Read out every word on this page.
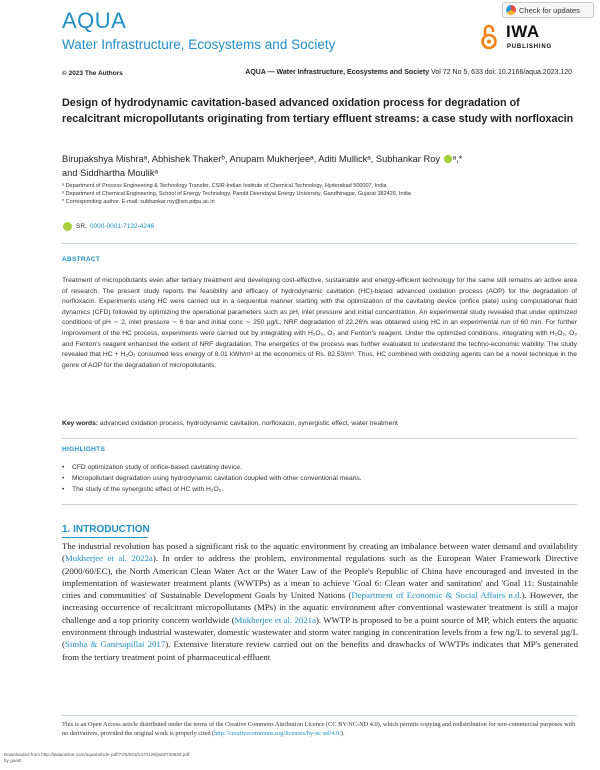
AQUA
Water Infrastructure, Ecosystems and Society
Check for updates
IWA
PUBLISHING
© 2023 The Authors	AQUA — Water Infrastructure, Ecosystems and Society Vol 72 No 5, 633 doi: 10.2166/aqua.2023.120
Design of hydrodynamic cavitation-based advanced oxidation process for degradation of recalcitrant micropollutants originating from tertiary effluent streams: a case study with norfloxacin
Birupakshya Mishraᵃ, Abhishek Thakerᵇ, Anupam Mukherjeeᵃ, Aditi Mullickᵃ, Subhankar Roy ᵃ,*
and Siddhartha Moulikᵃ
ᵃ Department of Process Engineering & Technology Transfer, CSIR-Indian Institute of Chemical Technology, Hyderabad 500007, India
ᵇ Department of Chemical Engineering, School of Energy Technology, Pandit Deendayal Energy University, Gandhinagar, Gujarat 382426, India
* Corresponding author. E-mail: subhankar.roy@sot.pdpu.ac.in
SR, 0000-0001-7132-4246
ABSTRACT

Treatment of micropollutants even after tertiary treatment and developing cost-effective, sustainable and energy-efficient technology for the same still remains an active area of research. The present study reports the feasibility and efficacy of hydrodynamic cavitation (HC)-based advanced oxidation process (AOP) for the degradation of norfloxacin. Experiments using HC were carried out in a sequential manner starting with the optimization of the cavitating device (orifice plate) using computational fluid dynamics (CFD) followed by optimizing the operational parameters such as pH, inlet pressure and initial concentration. An experimental study revealed that under optimized conditions of pH ∼ 2, inlet pressure ∼ 6 bar and initial conc ∼ 250 µg/L, NRF degradation of 22.26% was obtained using HC in an experimental run of 60 min. For further improvement of the HC process, experiments were carried out by integrating with H₂O₂, O₃ and Fenton's reagent. Under the optimized conditions, integrating with H₂O₂, O₃ and Fenton's reagent enhanced the extent of NRF degradation. The energetics of the process was further evaluated to understand the techno-economic viability. The study revealed that HC + H₂O₂ consumed less energy of 8.01 kWh/m³ at the economics of Rs. 82.53/m³. Thus, HC combined with oxidizing agents can be a novel technique in the genre of AOP for the degradation of micropollutants.

Key words: advanced oxidation process, hydrodynamic cavitation, norfloxacin, synergistic effect, water treatment
HIGHLIGHTS
• CFD optimization study of orifice-based cavitating device.
• Micropollutant degradation using hydrodynamic cavitation coupled with other conventional means.
• The study of the synergistic effect of HC with H₂O₂.
1. INTRODUCTION

The industrial revolution has posed a significant risk to the aquatic environment by creating an imbalance between water demand and availability (Mukherjee et al. 2022a). In order to address the problem, environmental regulations such as the European Water Framework Directive (2000/60/EC), the North American Clean Water Act or the Water Law of the People's Republic of China have encouraged and invested in the implementation of wastewater treatment plants (WWTPs) as a mean to achieve 'Goal 6: Clean water and sanitation' and 'Goal 11: Sustainable cities and communities' of Sustainable Development Goals by United Nations (Department of Economic & Social Affairs n.d.). However, the increasing occurrence of recalcitrant micropollutants (MPs) in the aquatic environment after conventional wastewater treatment is still a major challenge and a top priority concern worldwide (Mukherjee et al. 2021a). WWTP is proposed to be a point source of MP, which enters the aquatic environment through industrial wastewater, domestic wastewater and storm water ranging in concentration levels from a few ng/L to several µg/L (Simha & Ganesapillai 2017). Extensive literature review carried out on the benefits and drawbacks of WWTPs indicates that MP's generated from the tertiary treatment point of pharmaceutical effluent

This is an Open Access article distributed under the terms of the Creative Commons Attribution Licence (CC BY-NC-ND 4.0), which permits copying and redistribution for non-commercial purposes with no derivatives, provided the original work is properly cited (http://creativecommons.org/licenses/by-nc-nd/4.0/).

Downloaded from http://iwaponline.com/aqua/article-pdf/72/5/633/1270129/jws0720633.pdf
by guest
